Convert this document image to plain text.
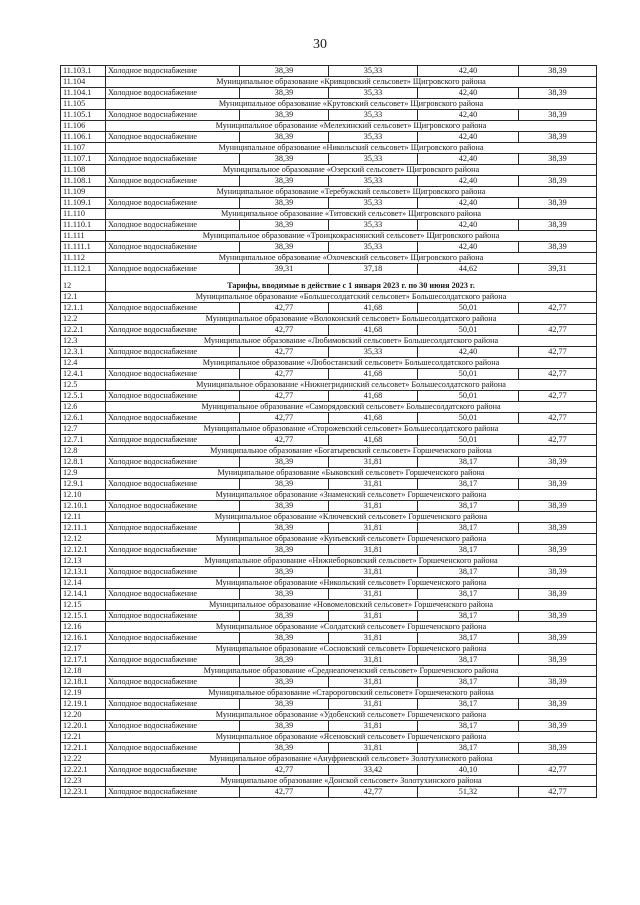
30
11.103.1	Холодное водоснабжение	38,39	35,33	42,40	38,39
11.104	Муниципальное образование «Кривцовский сельсовет» Щигровского района				
11.104.1	Холодное водоснабжение	38,39	35,33	42,40	38,39
11.105	Муниципальное образование «Крутовский сельсовет» Щигровского района				
11.105.1	Холодное водоснабжение	38,39	35,33	42,40	38,39
11.106	Муниципальное образование «Мелехинский сельсовет» Щигровского района				
11.106.1	Холодное водоснабжение	38,39	35,33	42,40	38,39
11.107	Муниципальное образование «Никольский сельсовет» Щигровского района				
11.107.1	Холодное водоснабжение	38,39	35,33	42,40	38,39
11.108	Муниципальное образование «Озерский сельсовет» Щигровского района				
11.108.1	Холодное водоснабжение	38,39	35,33	42,40	38,39
11.109	Муниципальное образование «Теребужский сельсовет» Щигровского района				
11.109.1	Холодное водоснабжение	38,39	35,33	42,40	38,39
11.110	Муниципальное образование «Титовский сельсовет» Щигровского района				
11.110.1	Холодное водоснабжение	38,39	35,33	42,40	38,39
11.111	Муниципальное образование «Троицкокраснянский сельсовет» Щигровского района				
11.111.1	Холодное водоснабжение	38,39	35,33	42,40	38,39
11.112	Муниципальное образование «Охочевский сельсовет» Щигровского района				
11.112.1	Холодное водоснабжение	39,31	37,18	44,62	39,31
12	Тарифы, вводимые в действие с 1 января 2023 г. по 30 июня 2023 г.				
12.1	Муниципальное образование «Большесолдатский сельсовет» Большесолдатского района				
12.1.1	Холодное водоснабжение	42,77	41,68	50,01	42,77
12.2	Муниципальное образование «Волоконский сельсовет» Большесолдатского района				
12.2.1	Холодное водоснабжение	42,77	41,68	50,01	42,77
12.3	Муниципальное образование «Любимовский сельсовет» Большесолдатского района				
12.3.1	Холодное водоснабжение	42,77	35,33	42,40	42,77
12.4	Муниципальное образование «Любостанский сельсовет» Большесолдатского района				
12.4.1	Холодное водоснабжение	42,77	41,68	50,01	42,77
12.5	Муниципальное образование «Нижнегридинский сельсовет» Большесолдатского района				
12.5.1	Холодное водоснабжение	42,77	41,68	50,01	42,77
12.6	Муниципальное образование «Саморядовский сельсовет» Большесолдатского района				
12.6.1	Холодное водоснабжение	42,77	41,68	50,01	42,77
12.7	Муниципальное образование «Сторожевский сельсовет» Большесолдатского района				
12.7.1	Холодное водоснабжение	42,77	41,68	50,01	42,77
12.8	Муниципальное образование «Богатыревский сельсовет» Горшеченского района				
12.8.1	Холодное водоснабжение	38,39	31,81	38,17	38,39
12.9	Муниципальное образование «Быковский сельсовет» Горшеченского района				
12.9.1	Холодное водоснабжение	38,39	31,81	38,17	38,39
12.10	Муниципальное образование «Знаменский сельсовет» Горшеченского района				
12.10.1	Холодное водоснабжение	38,39	31,81	38,17	38,39
12.11	Муниципальное образование «Ключевский сельсовет» Горшеченского района				
12.11.1	Холодное водоснабжение	38,39	31,81	38,17	38,39
12.12	Муниципальное образование «Кунъевский сельсовет» Горшеченского района				
12.12.1	Холодное водоснабжение	38,39	31,81	38,17	38,39
12.13	Муниципальное образование «Нижнеборковский сельсовет» Горшеченского района				
12.13.1	Холодное водоснабжение	38,39	31,81	38,17	38,39
12.14	Муниципальное образование «Никольский сельсовет» Горшеченского района				
12.14.1	Холодное водоснабжение	38,39	31,81	38,17	38,39
12.15	Муниципальное образование «Новомеловский сельсовет» Горшеченского района				
12.15.1	Холодное водоснабжение	38,39	31,81	38,17	38,39
12.16	Муниципальное образование «Солдатский сельсовет» Горшеченского района				
12.16.1	Холодное водоснабжение	38,39	31,81	38,17	38,39
12.17	Муниципальное образование «Сосновский сельсовет» Горшеченского района				
12.17.1	Холодное водоснабжение	38,39	31,81	38,17	38,39
12.18	Муниципальное образование «Среднеапоченский сельсовет» Горшеченского района				
12.18.1	Холодное водоснабжение	38,39	31,81	38,17	38,39
12.19	Муниципальное образование «Старороговский сельсовет» Горшеченского района				
12.19.1	Холодное водоснабжение	38,39	31,81	38,17	38,39
12.20	Муниципальное образование «Удобенский сельсовет» Горшеченского района				
12.20.1	Холодное водоснабжение	38,39	31,81	38,17	38,39
12.21	Муниципальное образование «Ясеновский сельсовет» Горшеченского района				
12.21.1	Холодное водоснабжение	38,39	31,81	38,17	38,39
12.22	Муниципальное образование «Ануфриевский сельсовет» Золотухинского района				
12.22.1	Холодное водоснабжение	42,77	33,42	40,10	42,77
12.23	Муниципальное образование «Донской сельсовет» Золотухинского района				
12.23.1	Холодное водоснабжение	42,77	42,77	51,32	42,77
